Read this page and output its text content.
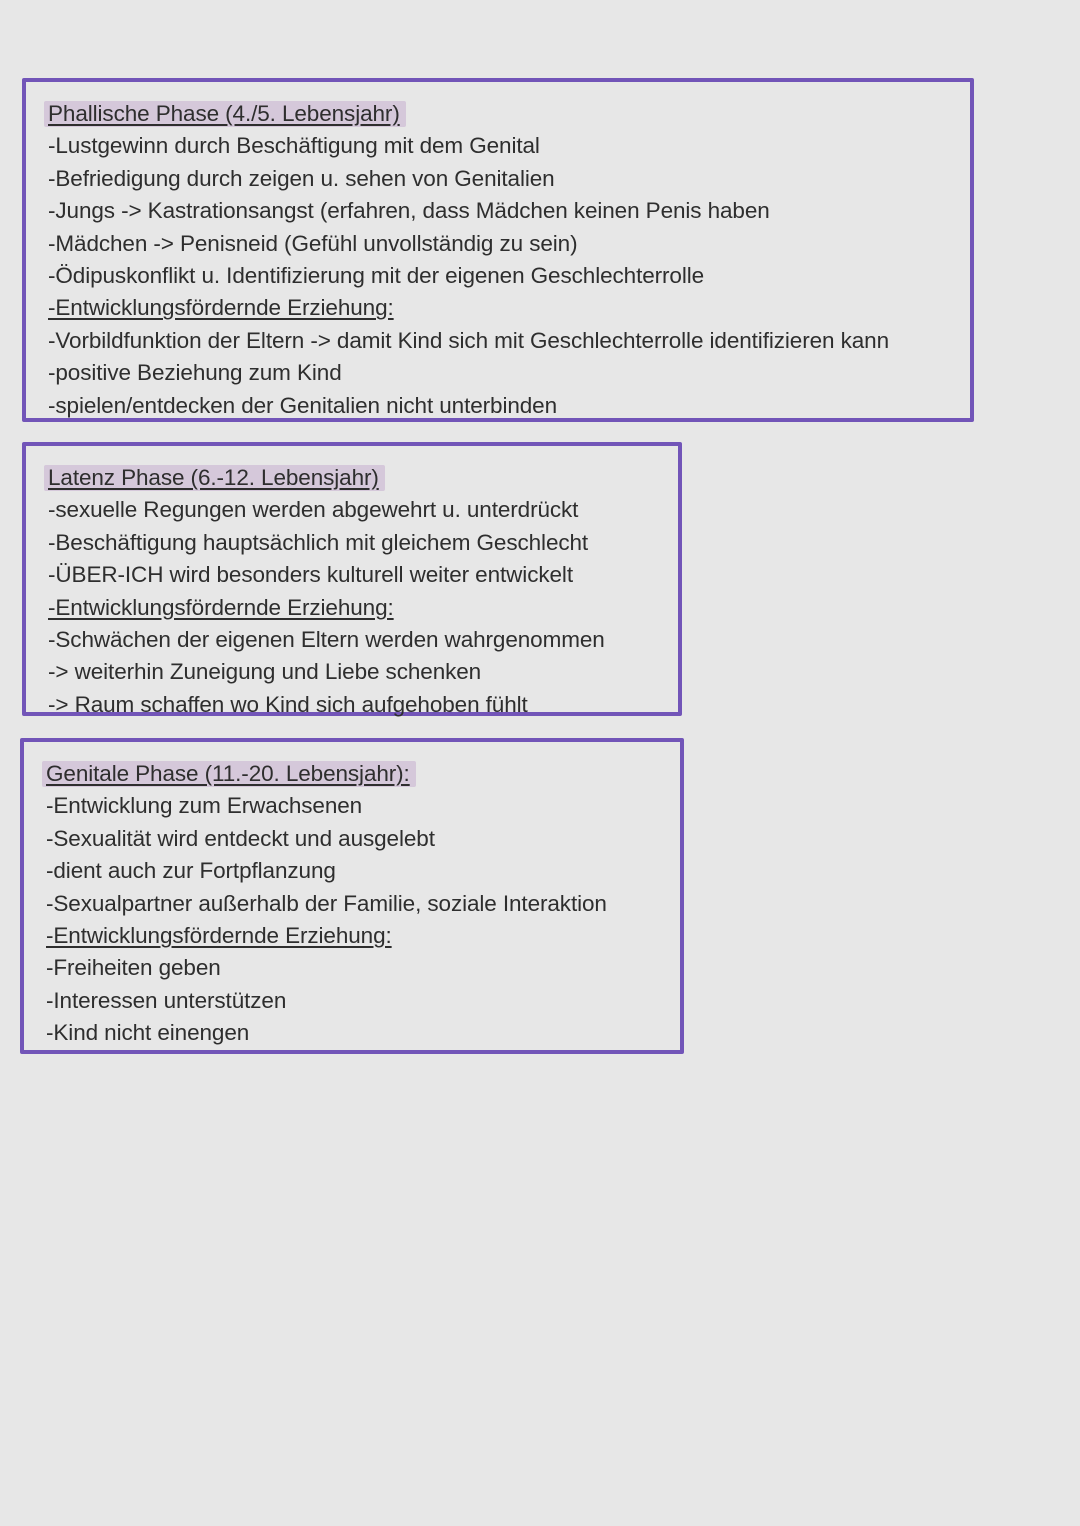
Phallische Phase (4./5. Lebensjahr)
-Lustgewinn durch Beschäftigung mit dem Genital
-Befriedigung durch zeigen u. sehen von Genitalien
-Jungs -> Kastrationsangst (erfahren, dass Mädchen keinen Penis haben
-Mädchen -> Penisneid (Gefühl unvollständig zu sein)
-Ödipuskonflikt u. Identifizierung mit der eigenen Geschlechterrolle
-Entwicklungsfördernde Erziehung:
-Vorbildfunktion der Eltern -> damit Kind sich mit Geschlechterrolle identifizieren kann
-positive Beziehung zum Kind
-spielen/entdecken der Genitalien nicht unterbinden
Latenz Phase (6.-12. Lebensjahr)
-sexuelle Regungen werden abgewehrt u. unterdrückt
-Beschäftigung hauptsächlich mit gleichem Geschlecht
-ÜBER-ICH wird besonders kulturell weiter entwickelt
-Entwicklungsfördernde Erziehung:
-Schwächen der eigenen Eltern werden wahrgenommen
-> weiterhin Zuneigung und Liebe schenken
-> Raum schaffen wo Kind sich aufgehoben fühlt
Genitale Phase (11.-20. Lebensjahr):
-Entwicklung zum Erwachsenen
-Sexualität wird entdeckt und ausgelebt
-dient auch zur Fortpflanzung
-Sexualpartner außerhalb der Familie, soziale Interaktion
-Entwicklungsfördernde Erziehung:
-Freiheiten geben
-Interessen unterstützen
-Kind nicht einengen
